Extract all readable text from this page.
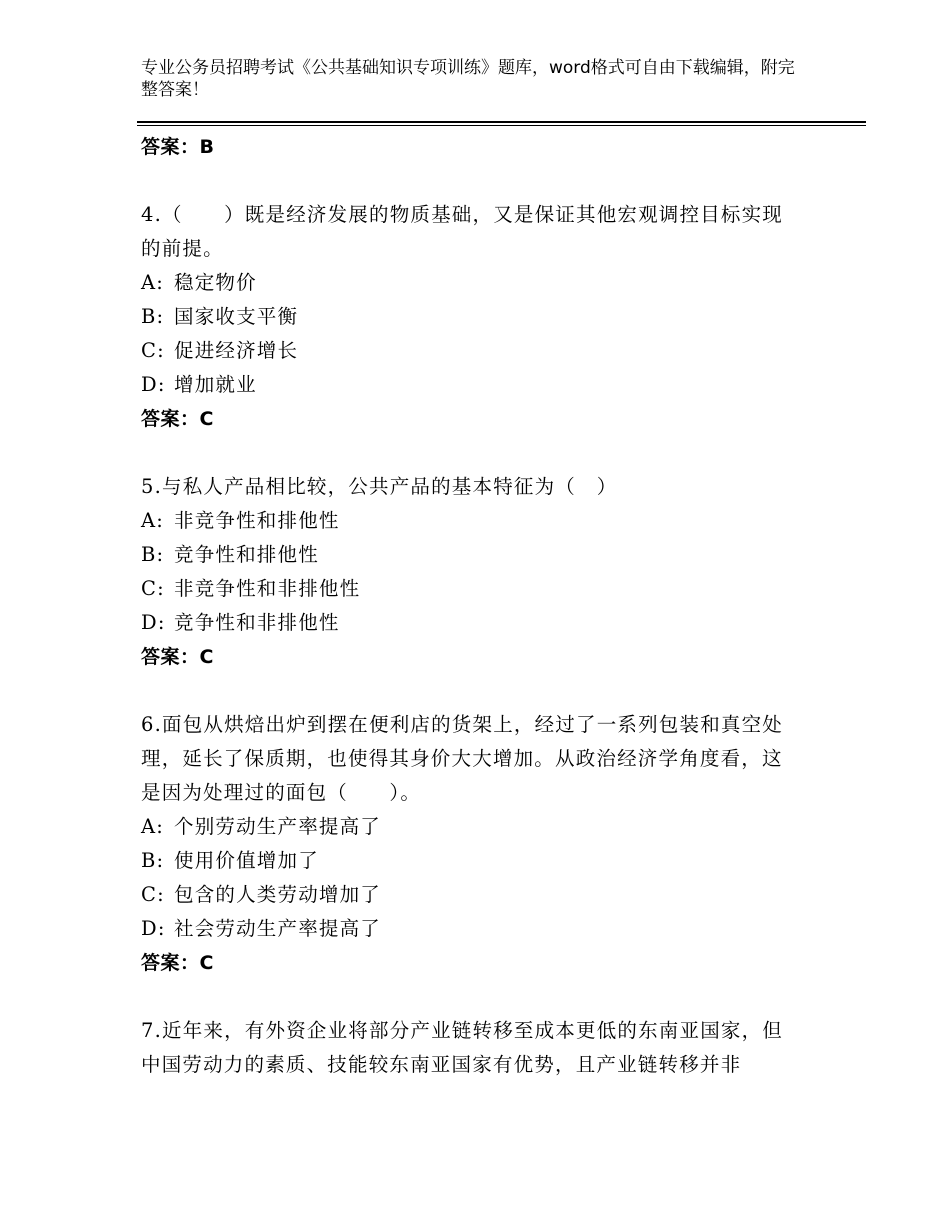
专业公务员招聘考试《公共基础知识专项训练》题库，word格式可自由下载编辑，附完整答案！
答案：B
4.（　　）既是经济发展的物质基础，又是保证其他宏观调控目标实现的前提。
A: 稳定物价
B: 国家收支平衡
C: 促进经济增长
D: 增加就业
答案：C
5.与私人产品相比较，公共产品的基本特征为（　）
A: 非竞争性和排他性
B: 竞争性和排他性
C: 非竞争性和非排他性
D: 竞争性和非排他性
答案：C
6.面包从烘焙出炉到摆在便利店的货架上，经过了一系列包装和真空处理，延长了保质期，也使得其身价大大增加。从政治经济学角度看，这是因为处理过的面包（　　）。
A: 个别劳动生产率提高了
B: 使用价值增加了
C: 包含的人类劳动增加了
D: 社会劳动生产率提高了
答案：C
7.近年来，有外资企业将部分产业链转移至成本更低的东南亚国家，但中国劳动力的素质、技能较东南亚国家有优势，且产业链转移并非
